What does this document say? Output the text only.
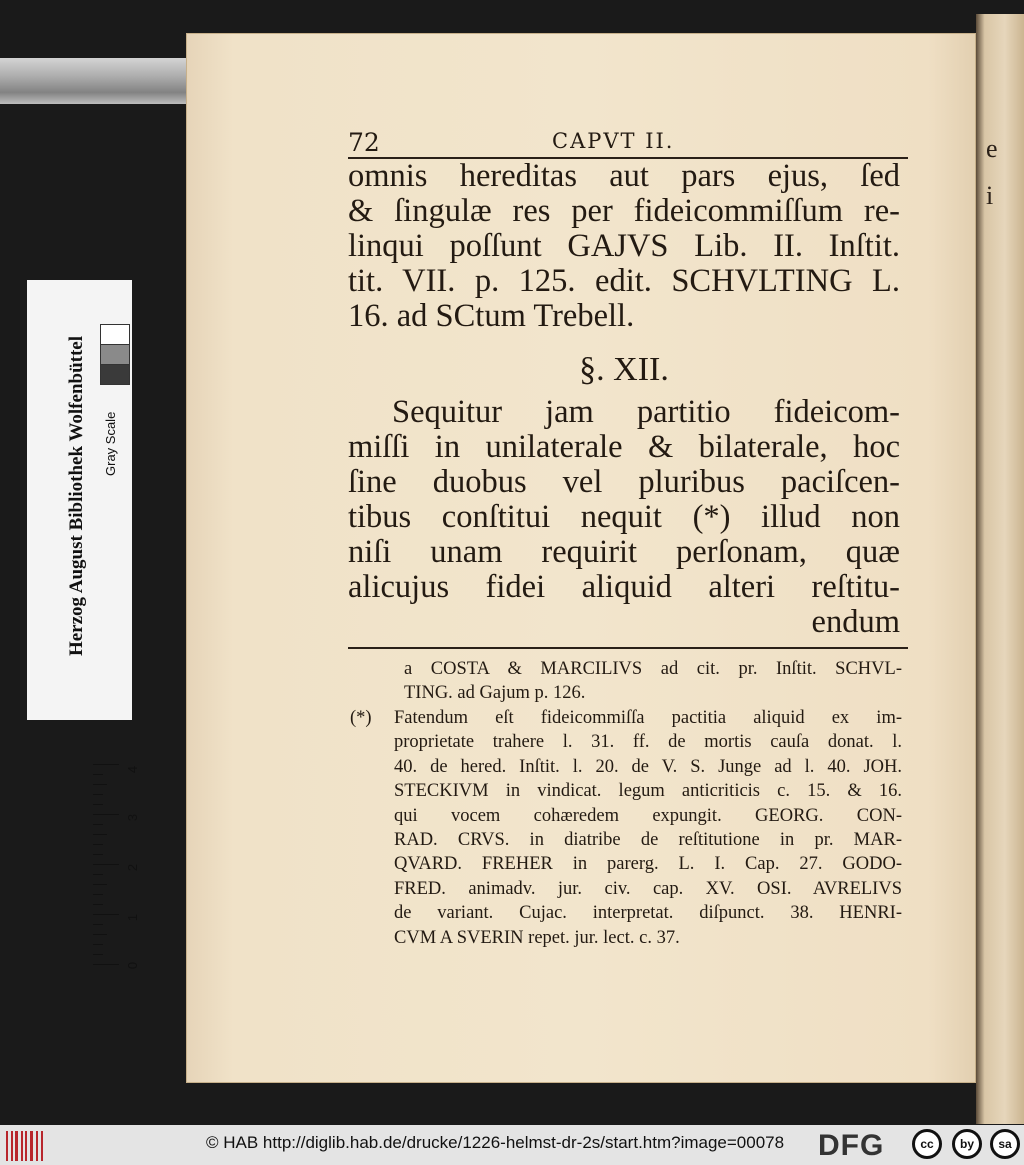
Herzog August Bibliothek Wolfenbüttel Gray Scale
4
3
2
1
0
e
i
72	CAPVT II.
omnis hereditas aut pars ejus, ſed
& ſingulæ res per fideicommiſſum re-
linqui poſſunt GAJVS Lib. II. Inſtit.
tit. VII. p. 125. edit. SCHVLTING L.
16. ad SCtum Trebell.
§. XII.
Sequitur jam partitio fideicom-
miſſi in unilaterale & bilaterale, hoc
ſine duobus vel pluribus paciſcen-
tibus conſtitui nequit (*) illud non
niſi unam requirit perſonam, quæ
alicujus fidei aliquid alteri reſtitu-
endum
a COSTA & MARCILIVS ad cit. pr. Inſtit. SCHVL-
TING. ad Gajum p. 126.
(*)	Fatendum eſt fideicommiſſa pactitia aliquid ex im-
proprietate trahere l. 31. ff. de mortis cauſa donat. l.
40. de hered. Inſtit. l. 20. de V. S. Junge ad l. 40. JOH.
STECKIVM in vindicat. legum anticriticis c. 15. & 16.
qui vocem cohæredem expungit. GEORG. CON-
RAD. CRVS. in diatribe de reſtitutione in pr. MAR-
QVARD. FREHER in parerg. L. I. Cap. 27. GODO-
FRED. animadv. jur. civ. cap. XV. OSI. AVRELIVS
de variant. Cujac. interpretat. diſpunct. 38. HENRI-
CVM A SVERIN repet. jur. lect. c. 37.
© HAB http://diglib.hab.de/drucke/1226-helmst-dr-2s/start.htm?image=00078 DFG	cc	by	sa
